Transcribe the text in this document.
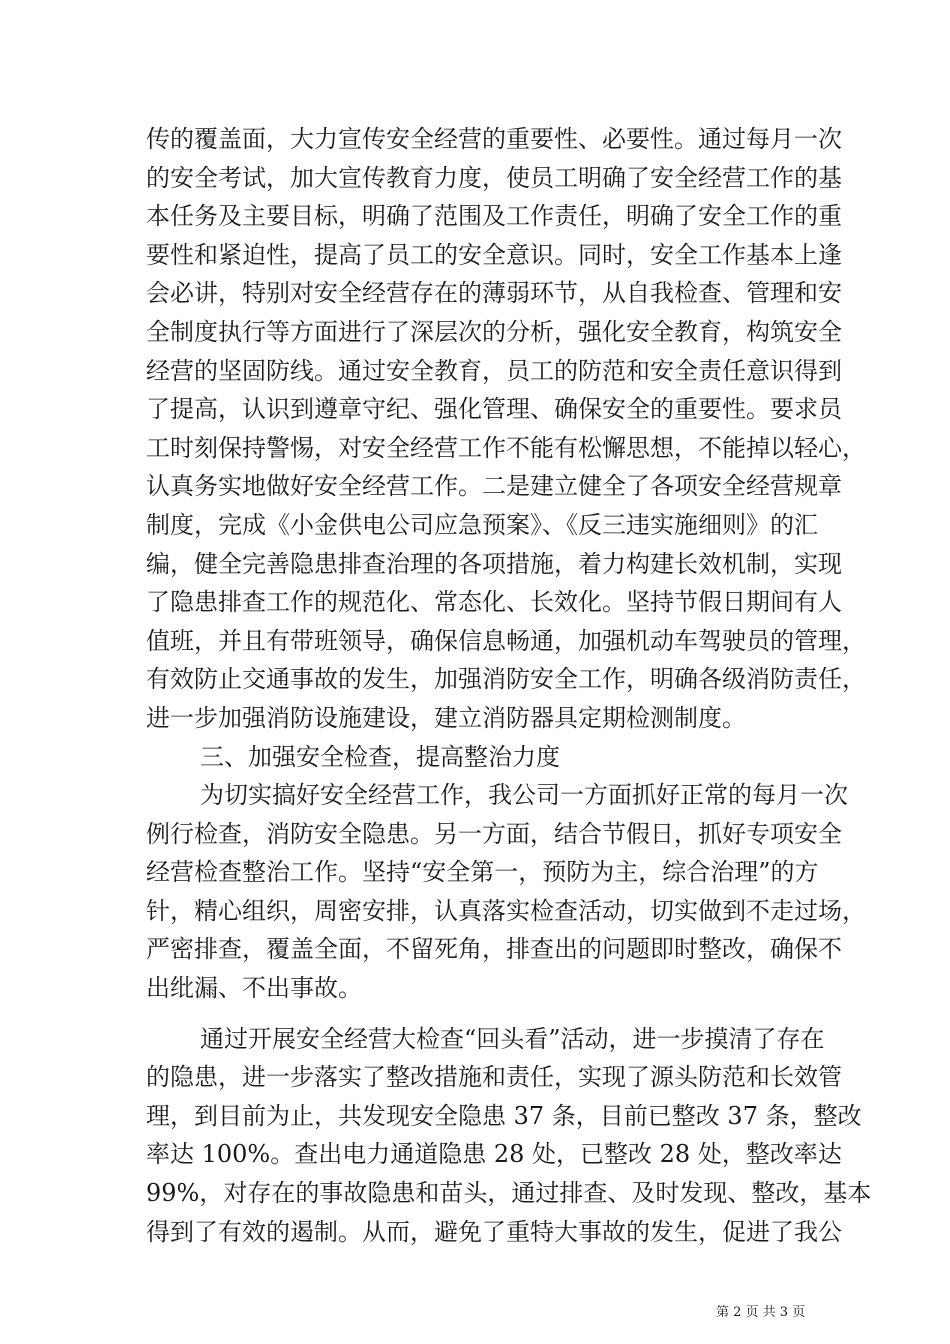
传的覆盖面，大力宣传安全经营的重要性、必要性。通过每月一次
的安全考试，加大宣传教育力度，使员工明确了安全经营工作的基
本任务及主要目标，明确了范围及工作责任，明确了安全工作的重
要性和紧迫性，提高了员工的安全意识。同时，安全工作基本上逢
会必讲，特别对安全经营存在的薄弱环节，从自我检查、管理和安
全制度执行等方面进行了深层次的分析，强化安全教育，构筑安全
经营的坚固防线。通过安全教育，员工的防范和安全责任意识得到
了提高，认识到遵章守纪、强化管理、确保安全的重要性。要求员
工时刻保持警惕，对安全经营工作不能有松懈思想，不能掉以轻心，
认真务实地做好安全经营工作。二是建立健全了各项安全经营规章
制度，完成《小金供电公司应急预案》、《反三违实施细则》的汇
编，健全完善隐患排查治理的各项措施，着力构建长效机制，实现
了隐患排查工作的规范化、常态化、长效化。坚持节假日期间有人
值班，并且有带班领导，确保信息畅通，加强机动车驾驶员的管理，
有效防止交通事故的发生，加强消防安全工作，明确各级消防责任，
进一步加强消防设施建设，建立消防器具定期检测制度。
三、加强安全检查，提高整治力度
为切实搞好安全经营工作，我公司一方面抓好正常的每月一次
例行检查，消防安全隐患。另一方面，结合节假日，抓好专项安全
经营检查整治工作。坚持“安全第一，预防为主，综合治理”的方
针，精心组织，周密安排，认真落实检查活动，切实做到不走过场，
严密排查，覆盖全面，不留死角，排查出的问题即时整改，确保不
出纰漏、不出事故。
通过开展安全经营大检查“回头看”活动，进一步摸清了存在
的隐患，进一步落实了整改措施和责任，实现了源头防范和长效管
理，到目前为止，共发现安全隐患 37 条，目前已整改 37 条，整改
率达 100%。查出电力通道隐患 28 处，已整改 28 处，整改率达
99%，对存在的事故隐患和苗头，通过排查、及时发现、整改，基本
得到了有效的遏制。从而，避免了重特大事故的发生，促进了我公
第 2 页 共 3 页
